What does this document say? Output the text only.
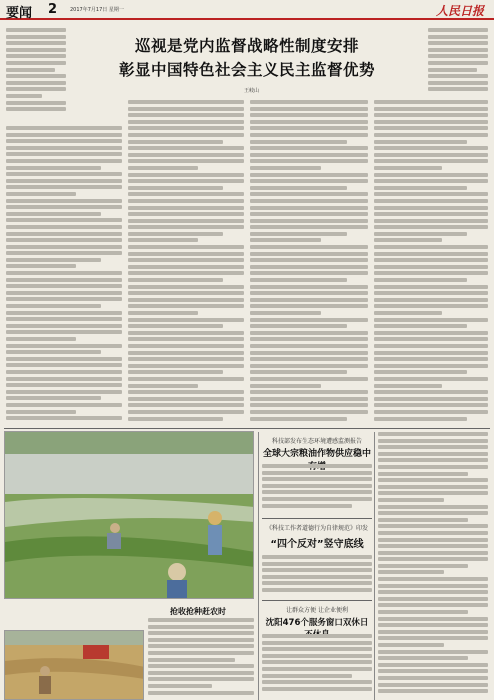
要闻 2	2017年7月17日 星期一	人民日报
巡视是党内监督战略性制度安排
彰显中国特色社会主义民主监督优势
王岐山
科技部发布生态环境遭感监测报告
全球大宗粮油作物供应稳中
《科技工作者道德行为自律规范》印发
“四个反对”竖守底线
让群众方便 让企业便利
沈阳476个服务窗口双休日
抢收抢种赶农时
